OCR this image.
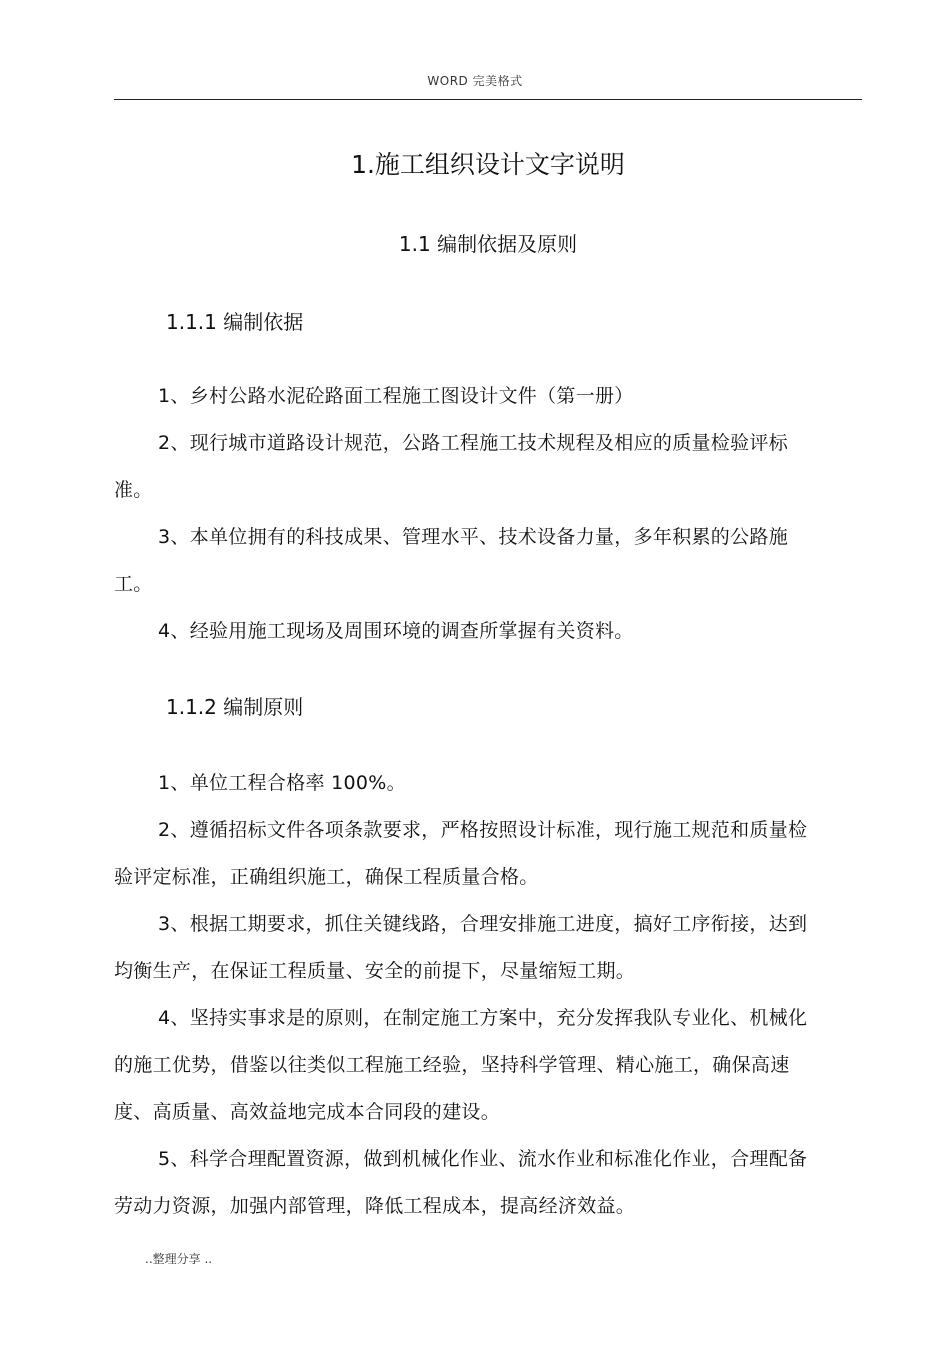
WORD 完美格式
1.施工组织设计文字说明
1.1 编制依据及原则
1.1.1 编制依据
1、乡村公路水泥砼路面工程施工图设计文件（第一册）
2、现行城市道路设计规范，公路工程施工技术规程及相应的质量检验评标准。
3、本单位拥有的科技成果、管理水平、技术设备力量，多年积累的公路施工。
4、经验用施工现场及周围环境的调查所掌握有关资料。
1.1.2 编制原则
1、单位工程合格率 100%。
2、遵循招标文件各项条款要求，严格按照设计标准，现行施工规范和质量检验评定标准，正确组织施工，确保工程质量合格。
3、根据工期要求，抓住关键线路，合理安排施工进度，搞好工序衔接，达到均衡生产，在保证工程质量、安全的前提下，尽量缩短工期。
4、坚持实事求是的原则，在制定施工方案中，充分发挥我队专业化、机械化的施工优势，借鉴以往类似工程施工经验，坚持科学管理、精心施工，确保高速度、高质量、高效益地完成本合同段的建设。
5、科学合理配置资源，做到机械化作业、流水作业和标准化作业，合理配备劳动力资源，加强内部管理，降低工程成本，提高经济效益。
..整理分享 ..
